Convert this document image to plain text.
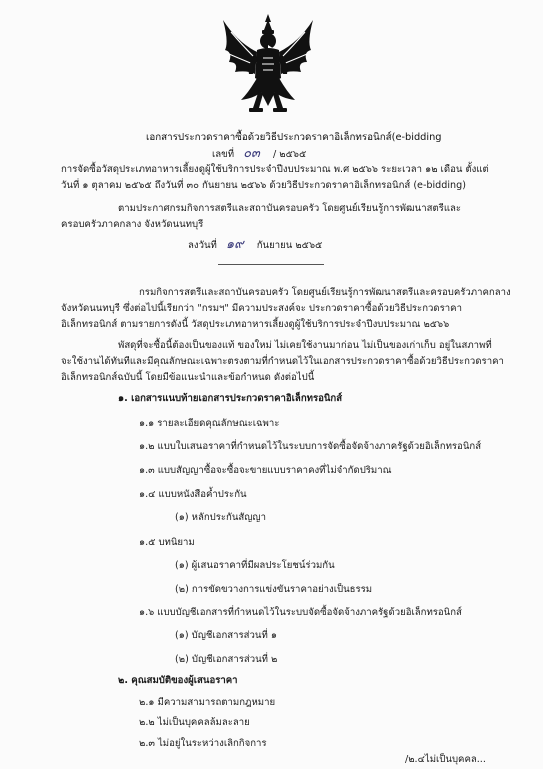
เอกสารประกวดราคาซื้อด้วยวิธีประกวดราคาอิเล็กทรอนิกส์(e-bidding
เลขที่ ๐๓ / ๒๕๖๕
การจัดซื้อวัสดุประเภทอาหารเลี้ยงดูผู้ใช้บริการประจำปีงบประมาณ พ.ศ ๒๕๖๖ ระยะเวลา ๑๒ เดือน ตั้งแต่
วันที่ ๑ ตุลาคม ๒๕๖๕ ถึงวันที่ ๓๐ กันยายน ๒๕๖๖ ด้วยวิธีประกวดราคาอิเล็กทรอนิกส์ (e-bidding)
ตามประกาศกรมกิจการสตรีและสถาบันครอบครัว โดยศูนย์เรียนรู้การพัฒนาสตรีและ
ครอบครัวภาคกลาง จังหวัดนนทบุรี
ลงวันที่ ๑๙ กันยายน ๒๕๖๕
กรมกิจการสตรีและสถาบันครอบครัว โดยศูนย์เรียนรู้การพัฒนาสตรีและครอบครัวภาคกลาง
จังหวัดนนทบุรี ซึ่งต่อไปนี้เรียกว่า "กรมฯ" มีความประสงค์จะ ประกวดราคาซื้อด้วยวิธีประกวดราคา
อิเล็กทรอนิกส์ ตามรายการดังนี้ วัสดุประเภทอาหารเลี้ยงดูผู้ใช้บริการประจำปีงบประมาณ ๒๕๖๖
พัสดุที่จะซื้อนี้ต้องเป็นของแท้ ของใหม่ ไม่เคยใช้งานมาก่อน ไม่เป็นของเก่าเก็บ อยู่ในสภาพที่
จะใช้งานได้ทันทีและมีคุณลักษณะเฉพาะตรงตามที่กำหนดไว้ในเอกสารประกวดราคาซื้อด้วยวิธีประกวดราคา
อิเล็กทรอนิกส์ฉบับนี้ โดยมีข้อแนะนำและข้อกำหนด ดังต่อไปนี้
๑. เอกสารแนบท้ายเอกสารประกวดราคาอิเล็กทรอนิกส์
๑.๑ รายละเอียดคุณลักษณะเฉพาะ
๑.๒ แบบใบเสนอราคาที่กำหนดไว้ในระบบการจัดซื้อจัดจ้างภาครัฐด้วยอิเล็กทรอนิกส์
๑.๓ แบบสัญญาซื้อจะซื้อจะขายแบบราคาคงที่ไม่จำกัดปริมาณ
๑.๔ แบบหนังสือค้ำประกัน
(๑) หลักประกันสัญญา
๑.๕ บทนิยาม
(๑) ผู้เสนอราคาที่มีผลประโยชน์ร่วมกัน
(๒) การขัดขวางการแข่งขันราคาอย่างเป็นธรรม
๑.๖ แบบบัญชีเอกสารที่กำหนดไว้ในระบบจัดซื้อจัดจ้างภาครัฐด้วยอิเล็กทรอนิกส์
(๑) บัญชีเอกสารส่วนที่ ๑
(๒) บัญชีเอกสารส่วนที่ ๒
๒. คุณสมบัติของผู้เสนอราคา
๒.๑ มีความสามารถตามกฎหมาย
๒.๒ ไม่เป็นบุคคลล้มละลาย
๒.๓ ไม่อยู่ในระหว่างเลิกกิจการ
/๒.๔ไม่เป็นบุคคล...
